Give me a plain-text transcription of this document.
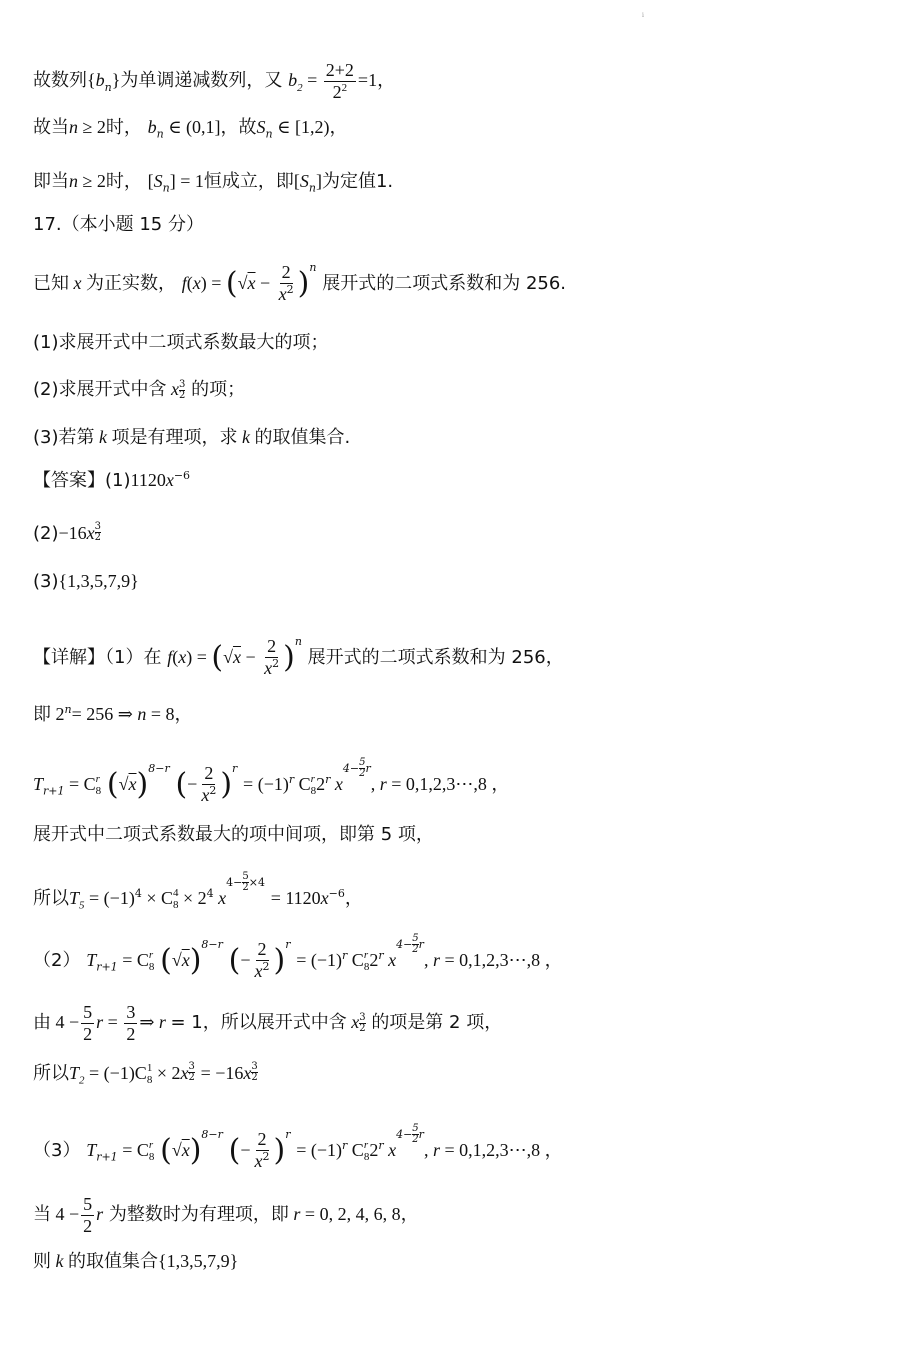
i
故数列$\{b_n\}$为单调递减数列，又 $b_2 = \frac{2+2}{2^2} =1$，
故当n ≥ 2时， $b_n$ ∈ (0,1]，故$S_n$ ∈ [1,2)，
即当n ≥ 2时， $[S_n] = 1$恒成立，即$[S_n]$为定值1.
17.（本小题 15 分）
已知 x 为正实数， $f(x) = (√x - \frac{2}{x^2} )^n$ 展开式的二项式系数和为 256.
(1)求展开式中二项式系数最大的项；
(2)求展开式中含 x $\frac{3}{2}$ 的项；
(3)若第 k 项是有理项，求 k 的取值集合.
【答案】$(1)1120x^{-6}$
$(2)-16x \frac{3}{2}$
(3){1,3,5,7,9}
【详解】（1）在 $f(x) = (√x - \frac{2}{x^2} )^n$ 展开式的二项式系数和为 256，
即 $2^n= 256$ ⇒ n = 8，
$T_{r+1} = C$ r
8 $(√x)^{8-r}$ (− $\frac{2}{x^2} )^r = (-1)^r$ C r
8 2$^r$ x4− 5
2 r, r = 0,1,2,3⋯,8 ，
展开式中二项式系数最大的项中间项，即第 5 项，
所以$T_5 = (-1)^4 \times C$ 4
$8 \times 2^4$ x4− 5
$2 \times 4 = 1120x^{-6}$，
（2） $T_{r+1} = C$ r
8 $(√x)^{8-r}$ (− $\frac{2}{x^2} )^r = (-1)^r$ C r
8 2$^r$ x4− 5
2 r, r = 0,1,2,3⋯,8 ，
由 $4 - \frac{5}{2}$ $r = \frac{3}{2}$ ⇒ r = 1，所以展开式中含 x $\frac{3}{2}$ 的项是第 2 项，
所以$T_2 = (-1)C$ 1
$8 \times 2x \frac{3}{2} = -16x \frac{3}{2}$
（3） $T_{r+1} = C$ r
8 $(√x)^{8-r}$ (− $\frac{2}{x^2} )^r = (-1)^r$ C r
8 2$^r$ x4− 5
2 r, r = 0,1,2,3⋯,8 ，
当 $4 - \frac{5}{2}$ r 为整数时为有理项，即 r = 0, 2, 4, 6, 8，
则 k 的取值集合{1,3,5,7,9}
